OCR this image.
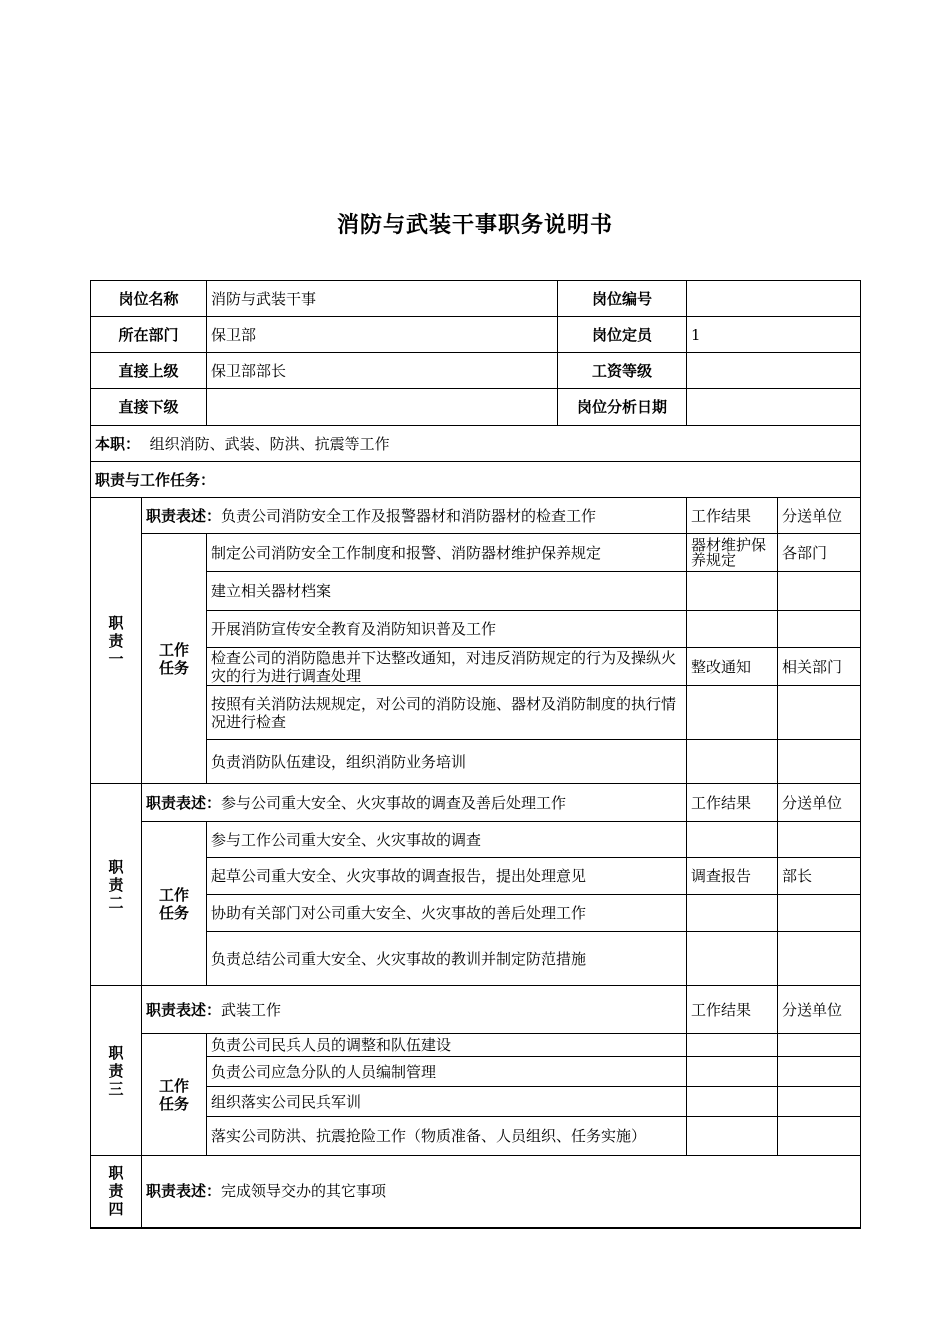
消防与武装干事职务说明书
岗位名称		消防与武装干事	岗位编号		
所在部门		保卫部	岗位定员	1	
直接上级		保卫部部长	工资等级		
直接下级			岗位分析日期		
本职： 组织消防、武装、防洪、抗震等工作					
职责与工作任务：					
职
责
一	职责表述：负责公司消防安全工作及报警器材和消防器材的检查工作			工作结果	分送单位
	工作
任务	制定公司消防安全工作制度和报警、消防器材维护保养规定		器材维护保养规定	各部门
		建立相关器材档案			
		开展消防宣传安全教育及消防知识普及工作			
		检查公司的消防隐患并下达整改通知，对违反消防规定的行为及操纵火灾的行为进行调查处理		整改通知	相关部门
		按照有关消防法规规定，对公司的消防设施、器材及消防制度的执行情况进行检查			
		负责消防队伍建设，组织消防业务培训			
职
责
二	职责表述：参与公司重大安全、火灾事故的调查及善后处理工作			工作结果	分送单位
	工作
任务	参与工作公司重大安全、火灾事故的调查			
		起草公司重大安全、火灾事故的调查报告，提出处理意见		调查报告	部长
		协助有关部门对公司重大安全、火灾事故的善后处理工作			
		负责总结公司重大安全、火灾事故的教训并制定防范措施			
职
责
三	职责表述：武装工作			工作结果	分送单位
	工作
任务	负责公司民兵人员的调整和队伍建设			
		负责公司应急分队的人员编制管理			
		组织落实公司民兵军训			
		落实公司防洪、抗震抢险工作（物质准备、人员组织、任务实施）			
职
责
四	职责表述：完成领导交办的其它事项				
